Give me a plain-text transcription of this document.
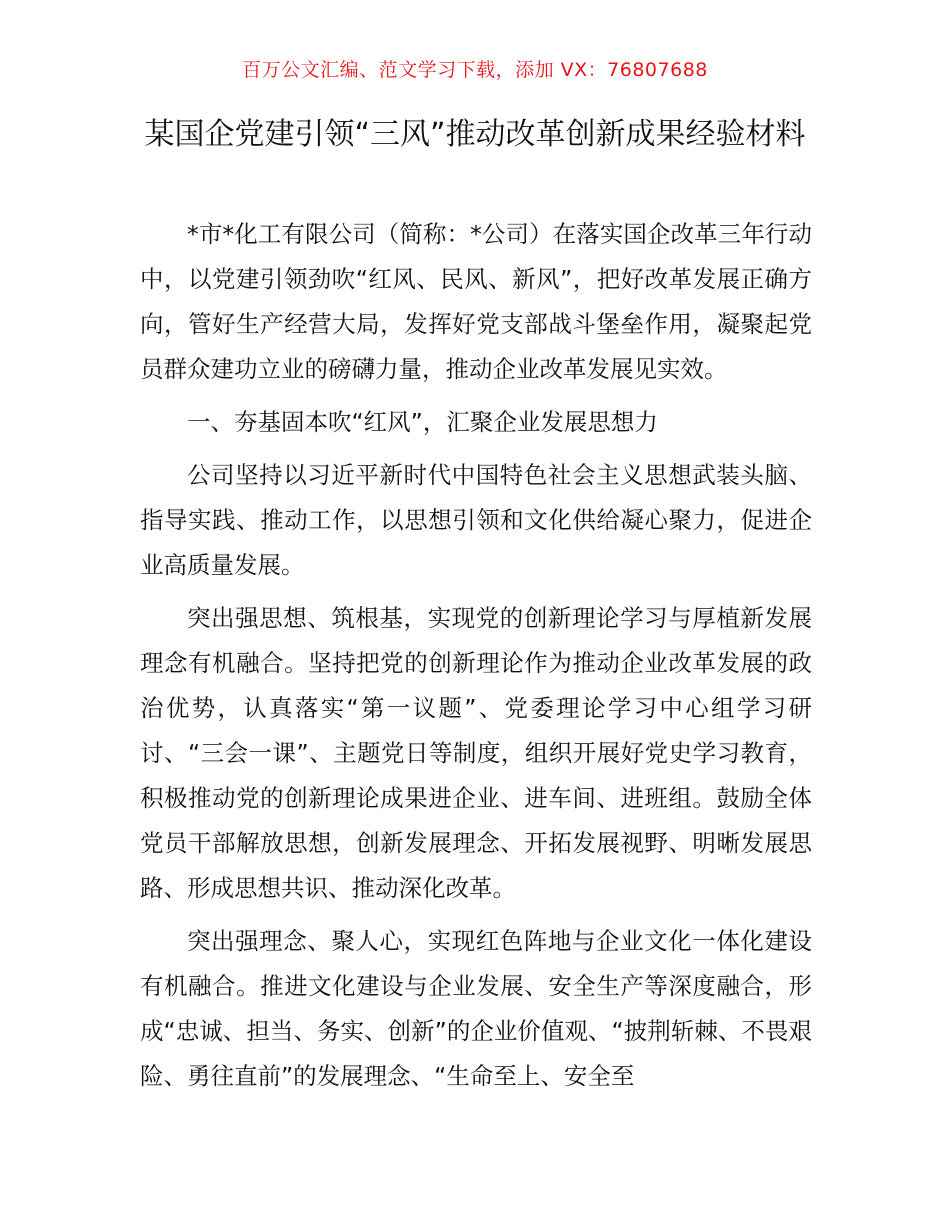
百万公文汇编、范文学习下载，添加 VX：76807688
某国企党建引领“三风”推动改革创新成果经验材料

*市*化工有限公司（简称：*公司）在落实国企改革三年行动中，以党建引领劲吹“红风、民风、新风”，把好改革发展正确方向，管好生产经营大局，发挥好党支部战斗堡垒作用，凝聚起党员群众建功立业的磅礴力量，推动企业改革发展见实效。

一、夯基固本吹“红风”，汇聚企业发展思想力

公司坚持以习近平新时代中国特色社会主义思想武装头脑、指导实践、推动工作，以思想引领和文化供给凝心聚力，促进企业高质量发展。

突出强思想、筑根基，实现党的创新理论学习与厚植新发展理念有机融合。坚持把党的创新理论作为推动企业改革发展的政治优势，认真落实“第一议题”、党委理论学习中心组学习研讨、“三会一课”、主题党日等制度，组织开展好党史学习教育，积极推动党的创新理论成果进企业、进车间、进班组。鼓励全体党员干部解放思想，创新发展理念、开拓发展视野、明晰发展思路、形成思想共识、推动深化改革。

突出强理念、聚人心，实现红色阵地与企业文化一体化建设有机融合。推进文化建设与企业发展、安全生产等深度融合，形成“忠诚、担当、务实、创新”的企业价值观、“披荆斩棘、不畏艰险、勇往直前”的发展理念、“生命至上、安全至
